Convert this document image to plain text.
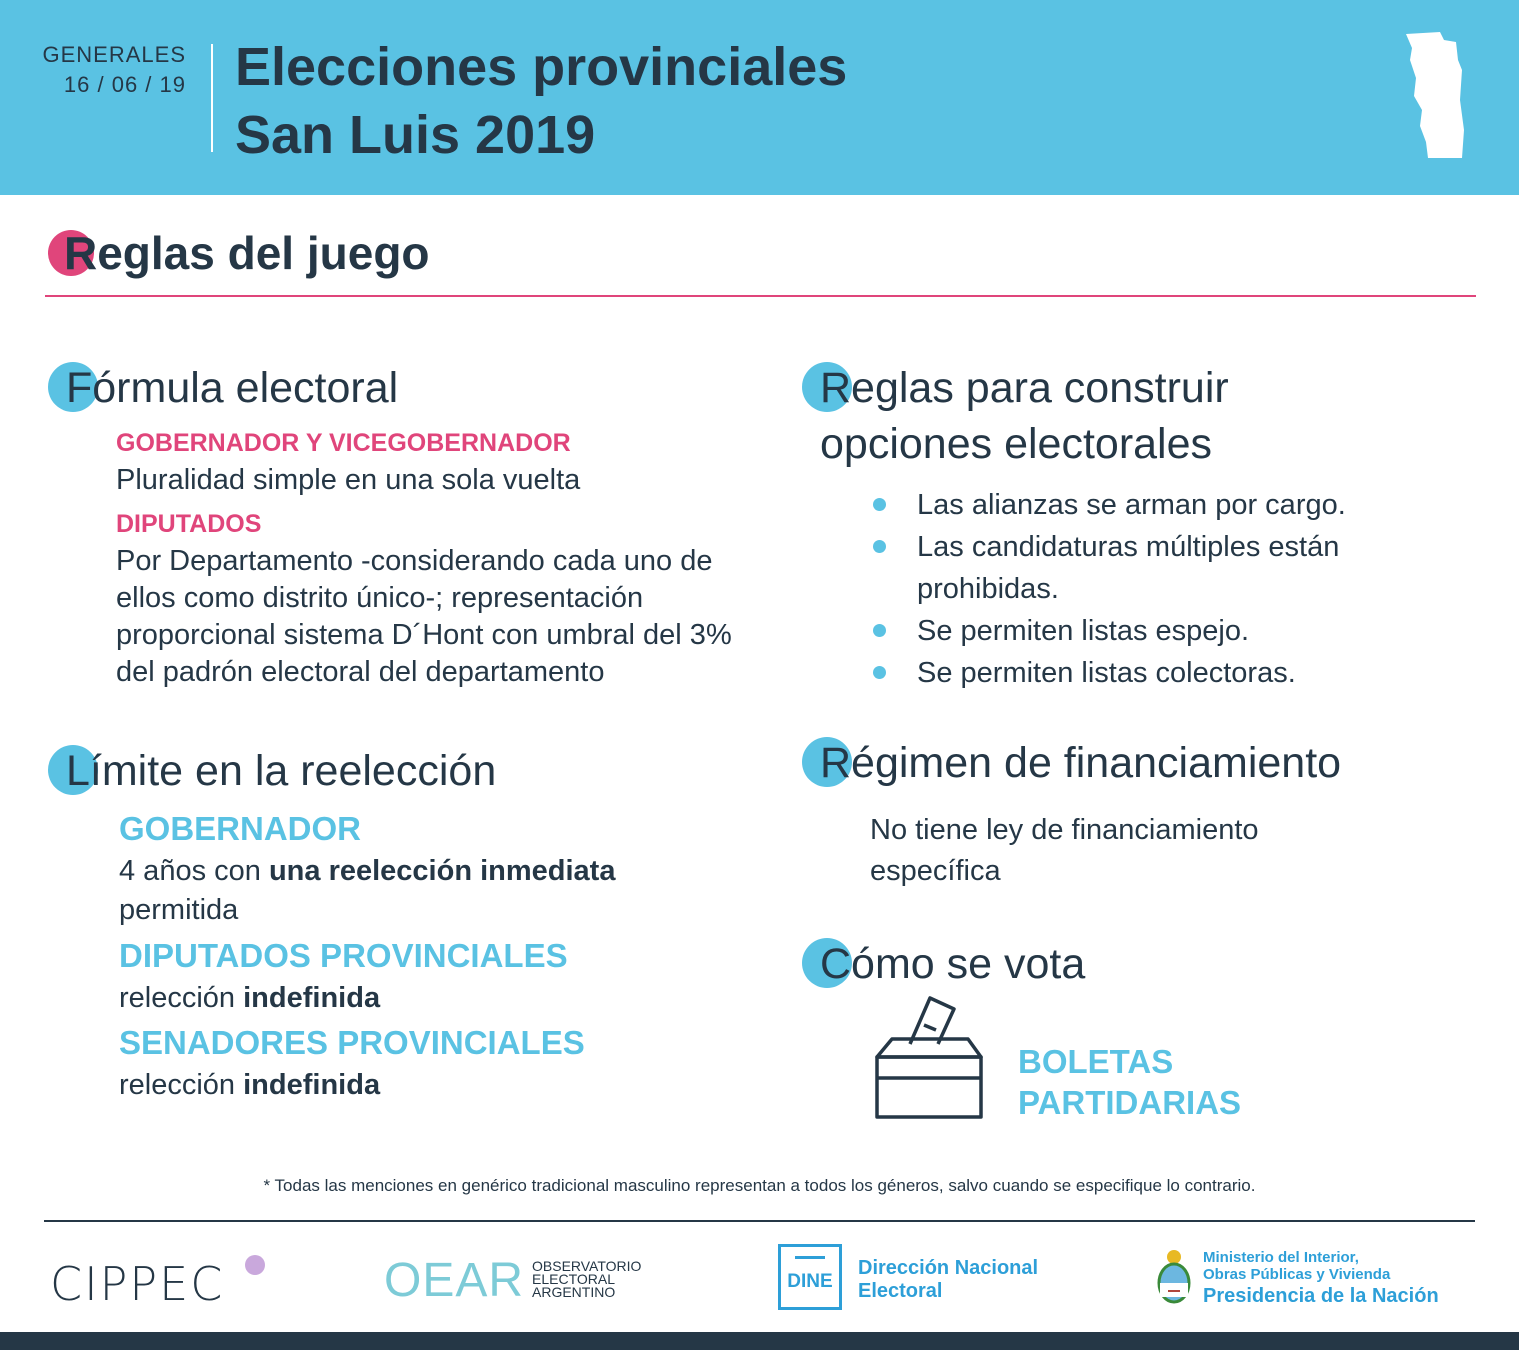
GENERALES
16 / 06 / 19 Elecciones provinciales
San Luis 2019
Reglas del juego
Fórmula electoral
GOBERNADOR Y VICEGOBERNADOR
Pluralidad simple en una sola vuelta
DIPUTADOS
Por Departamento -considerando cada uno de ellos como distrito único-; representación proporcional sistema D´Hont con umbral del 3% del padrón electoral del departamento
Límite en la reelección
GOBERNADOR
4 años con una reelección inmediata
permitida
DIPUTADOS PROVINCIALES
relección indefinida
SENADORES PROVINCIALES
relección indefinida
Reglas para construir
opciones electorales
Las alianzas se arman por cargo.
Las candidaturas múltiples están prohibidas.
Se permiten listas espejo.
Se permiten listas colectoras.
Régimen de financiamiento
No tiene ley de financiamiento específica
Cómo se vota
BOLETAS
PARTIDARIAS
* Todas las menciones en genérico tradicional masculino representan a todos los géneros, salvo cuando se especifique lo contrario.
CIPPEC	OEAR OBSERVATORIO
ELECTORAL
ARGENTINO	DINE
Dirección Nacional
Electoral
Ministerio del Interior,
Obras Públicas y Vivienda
Presidencia de la Nación
